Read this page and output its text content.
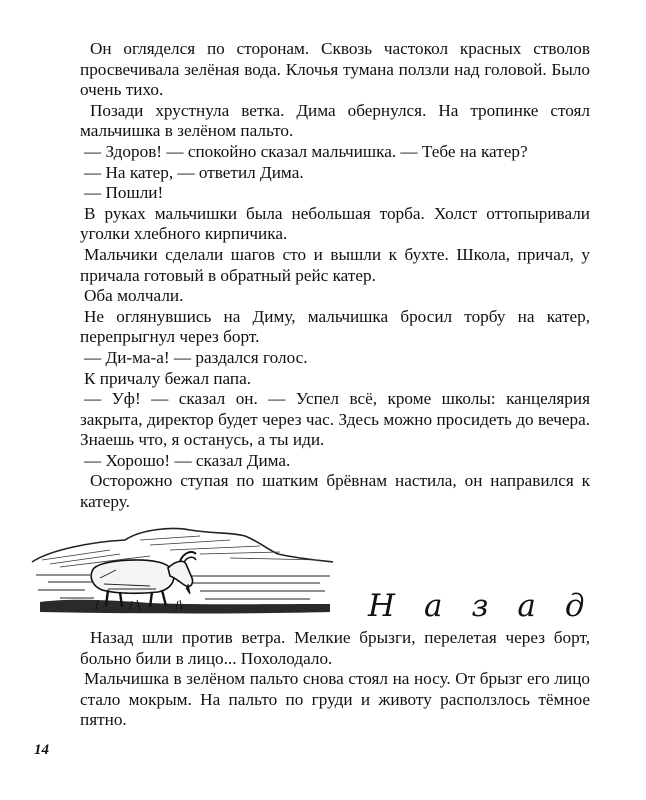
Он огляделся по сторонам. Сквозь частокол красных стволов просвечивала зелёная вода. Клочья тумана ползли над головой. Было очень тихо.

Позади хрустнула ветка. Дима обернулся. На тропинке стоял мальчишка в зелёном пальто.

— Здоров! — спокойно сказал мальчишка. — Тебе на катер?

— На катер, — ответил Дима.

— Пошли!

В руках мальчишки была небольшая торба. Холст оттопыривали уголки хлебного кирпичика.

Мальчики сделали шагов сто и вышли к бухте. Школа, причал, у причала готовый в обратный рейс катер.

Оба молчали.

Не оглянувшись на Диму, мальчишка бросил торбу на катер, перепрыгнул через борт.

— Ди-ма-а! — раздался голос.

К причалу бежал папа.

— Уф! — сказал он. — Успел всё, кроме школы: канцелярия закрыта, директор будет через час. Здесь можно просидеть до вечера. Знаешь что, я останусь, а ты иди.

— Хорошо! — сказал Дима.

Осторожно ступая по шатким брёвнам настила, он направился к катеру.

Назад

Назад шли против ветра. Мелкие брызги, перелетая через борт, больно били в лицо... Похолодало.

Мальчишка в зелёном пальто снова стоял на носу. От брызг его лицо стало мокрым. На пальто по груди и животу расползлось тёмное пятно.

14
